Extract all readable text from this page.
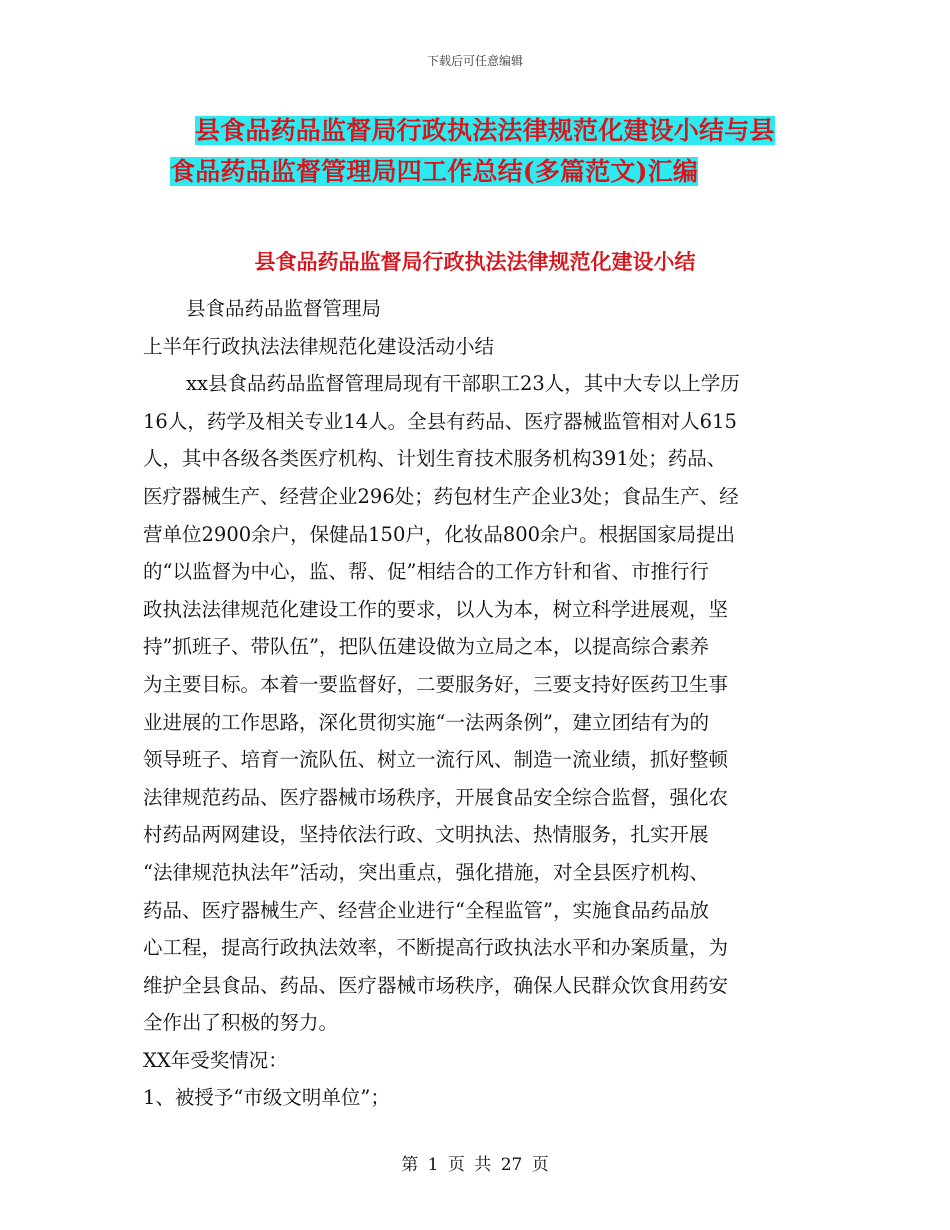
下载后可任意编辑
县食品药品监督局行政执法法律规范化建设小结与县
食品药品监督管理局四工作总结(多篇范文)汇编
县食品药品监督局行政执法法律规范化建设小结
县食品药品监督管理局
上半年行政执法法律规范化建设活动小结
xx县食品药品监督管理局现有干部职工23人，其中大专以上学历
16人，药学及相关专业14人。全县有药品、医疗器械监管相对人615
人，其中各级各类医疗机构、计划生育技术服务机构391处；药品、
医疗器械生产、经营企业296处；药包材生产企业3处；食品生产、经
营单位2900余户，保健品150户，化妆品800余户。根据国家局提出
的“以监督为中心，监、帮、促”相结合的工作方针和省、市推行行
政执法法律规范化建设工作的要求，以人为本，树立科学进展观，坚
持”抓班子、带队伍”，把队伍建设做为立局之本，以提高综合素养
为主要目标。本着一要监督好，二要服务好，三要支持好医药卫生事
业进展的工作思路，深化贯彻实施“一法两条例”，建立团结有为的
领导班子、培育一流队伍、树立一流行风、制造一流业绩，抓好整顿
法律规范药品、医疗器械市场秩序，开展食品安全综合监督，强化农
村药品两网建设，坚持依法行政、文明执法、热情服务，扎实开展
“法律规范执法年”活动，突出重点，强化措施，对全县医疗机构、
药品、医疗器械生产、经营企业进行“全程监管”，实施食品药品放
心工程，提高行政执法效率，不断提高行政执法水平和办案质量，为
维护全县食品、药品、医疗器械市场秩序，确保人民群众饮食用药安
全作出了积极的努力。
XX年受奖情况：
1、被授予“市级文明单位”；
第 1 页 共 27 页
